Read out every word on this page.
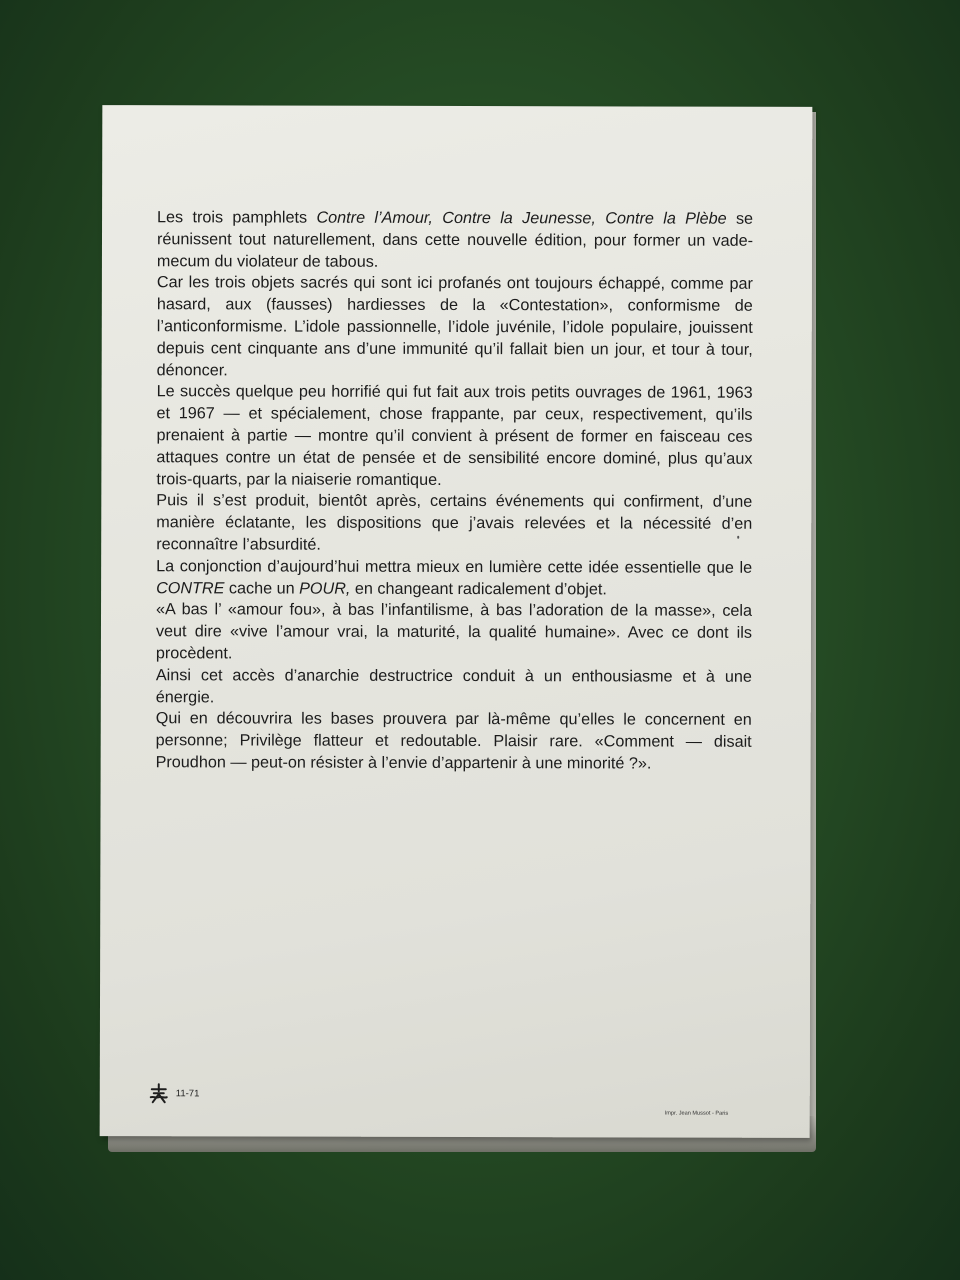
Les trois pamphlets Contre l’Amour, Contre la Jeunesse, Contre la Plèbe se réunissent tout naturellement, dans cette nouvelle édition, pour former un vade-mecum du violateur de tabous.

Car les trois objets sacrés qui sont ici profanés ont toujours échappé, comme par hasard, aux (fausses) hardiesses de la «Contestation», conformisme de l’anticonformisme. L’idole passionnelle, l’idole juvénile, l’idole populaire, jouissent depuis cent cinquante ans d’une immunité qu’il fallait bien un jour, et tour à tour, dénoncer.

Le succès quelque peu horrifié qui fut fait aux trois petits ouvrages de 1961, 1963 et 1967 — et spécialement, chose frappante, par ceux, respectivement, qu’ils prenaient à partie — montre qu’il convient à présent de former en faisceau ces attaques contre un état de pensée et de sensibilité encore dominé, plus qu’aux trois-quarts, par la niaiserie romantique.

Puis il s’est produit, bientôt après, certains événements qui confirment, d’une manière éclatante, les dispositions que j’avais relevées et la nécessité d’en reconnaître l’absurdité.

La conjonction d’aujourd’hui mettra mieux en lumière cette idée essentielle que le CONTRE cache un POUR, en changeant radicalement d’objet.

«A bas l’ «amour fou», à bas l’infantilisme, à bas l’adoration de la masse», cela veut dire «vive l’amour vrai, la maturité, la qualité humaine». Avec ce dont ils procèdent.

Ainsi cet accès d’anarchie destructrice conduit à un enthousiasme et à une énergie.

Qui en découvrira les bases prouvera par là-même qu’elles le concernent en personne; Privilège flatteur et redoutable. Plaisir rare. «Comment — disait Proudhon — peut-on résister à l’envie d’appartenir à une minorité ?».

11-71
Impr. Jean Mussot - Paris
